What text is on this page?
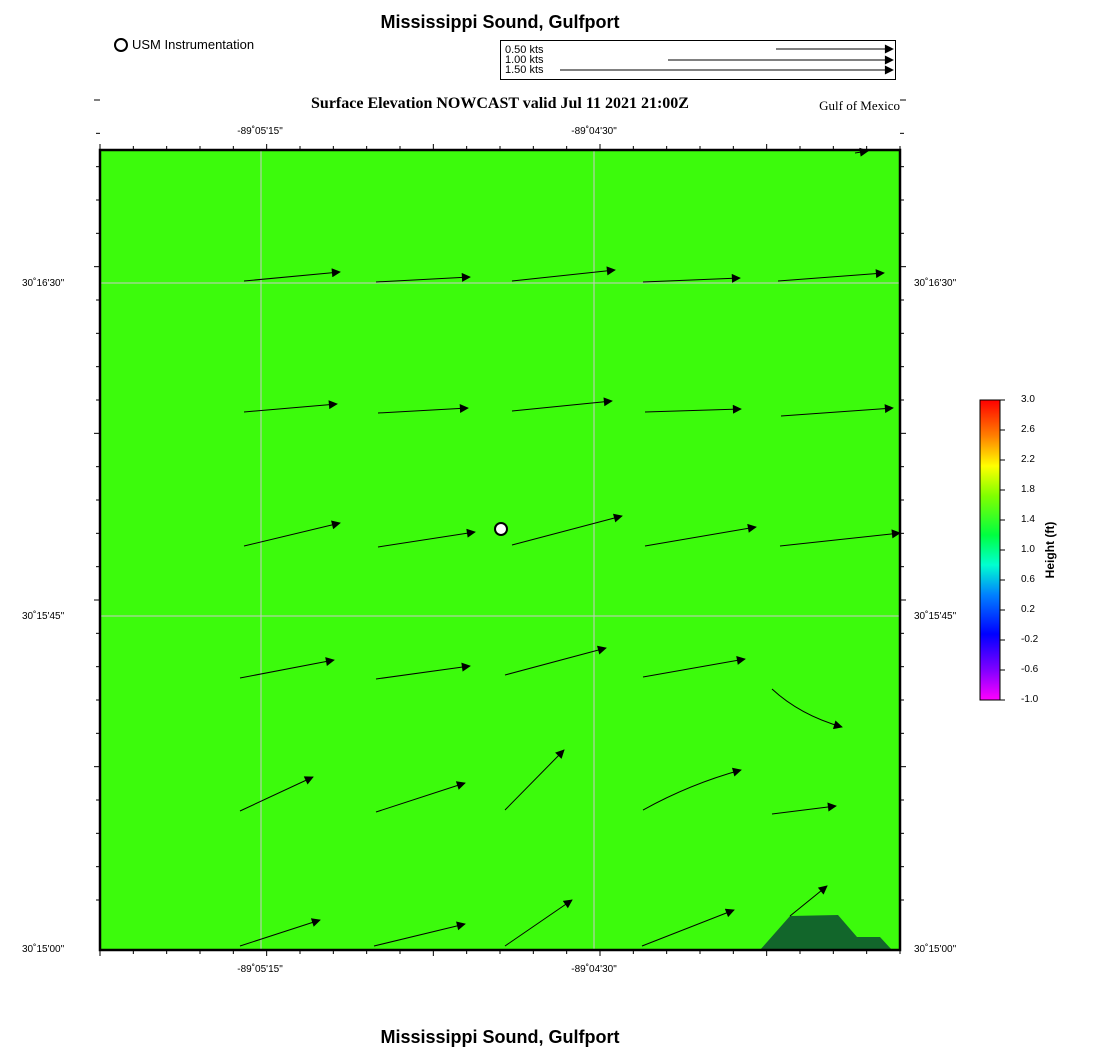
Mississippi Sound, Gulfport
USM Instrumentation	0.50 kts
1.00 kts
1.50 kts
Surface Elevation NOWCAST valid Jul 11 2021 21:00Z	Gulf of Mexico
-89˚05'15"	-89˚04'30"
-89˚05'15"	-89˚04'30"
30˚16'30"
30˚15'45"
30˚15'00"
30˚16'30"
30˚15'45"
30˚15'00"
3.0
2.6
2.2
1.8
1.4
1.0
0.6
0.2
-0.2
-0.6
-1.0
Height (ft)
Mississippi Sound, Gulfport
